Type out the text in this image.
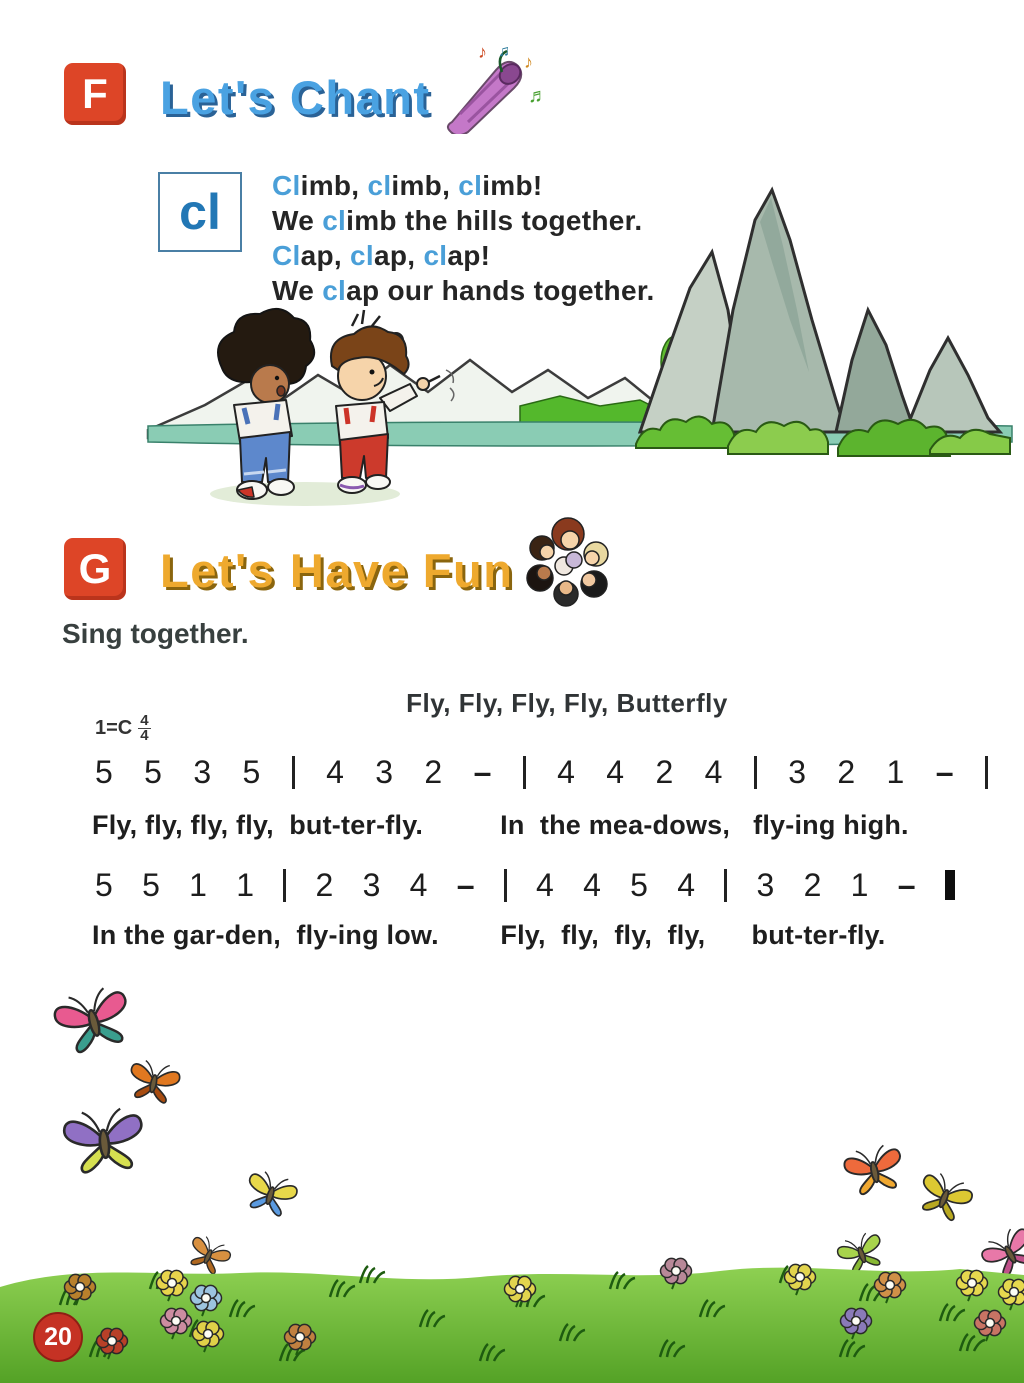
F	Let's Chant
♪ ♫
♪
♬
cl	Climb, climb, climb!
We climb the hills together.
Clap, clap, clap!
We clap our hands together.
G	Let's Have Fun
Sing together.
Fly, Fly, Fly, Fly, Butterfly
$1=C \frac{4}{4}$
5 5 3 5 4 3 2 – 4 4 2 4 3 2 1 –
Fly, fly, fly, fly,  but-ter-fly.          In  the mea-dows,   fly-ing high.
5 5 1 1 2 3 4 – 4 4 5 4 3 2 1 –
In the gar-den,  fly-ing low.        Fly,  fly,  fly,  fly,      but-ter-fly.
20
